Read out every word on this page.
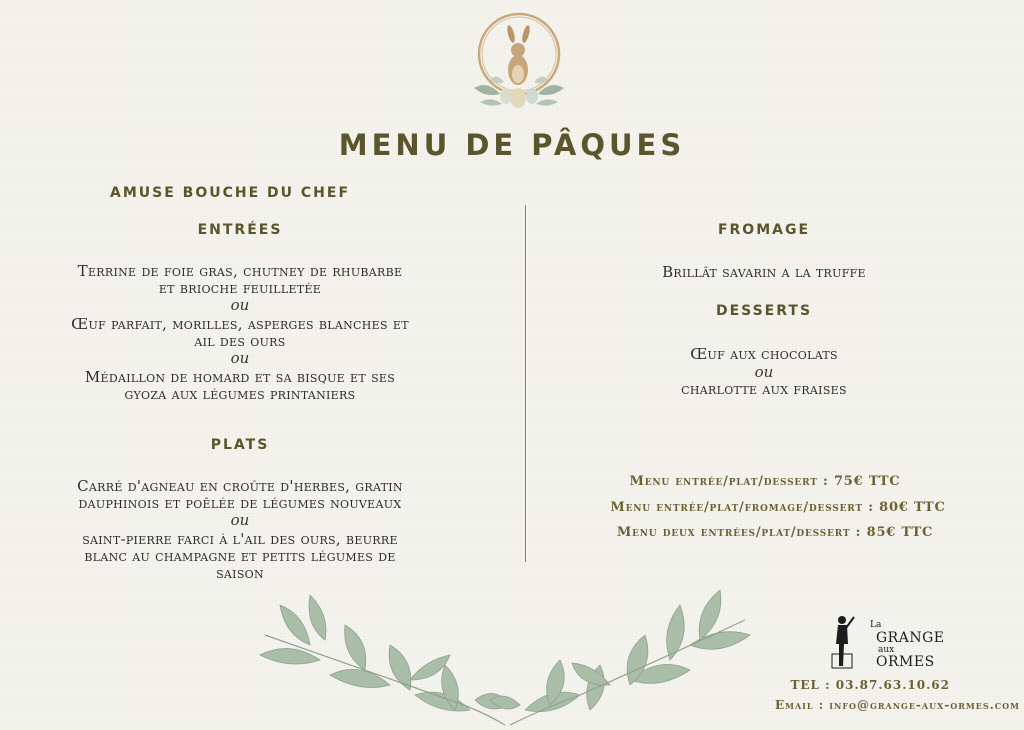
MENU DE PÂQUES
AMUSE BOUCHE DU CHEF
ENTRÉES
Terrine de foie gras, chutney de rhubarbe
et brioche feuilletée
ou
Œuf parfait, morilles, asperges blanches et
ail des ours
ou
Médaillon de homard et sa bisque et ses
gyoza aux légumes printaniers
PLATS
Carré d'agneau en croûte d'herbes, gratin
dauphinois et poêlée de légumes nouveaux
ou
saint-pierre farci à l'ail des ours, beurre
blanc au champagne et petits légumes de
saison
FROMAGE
Brillât savarin a la truffe
DESSERTS
Œuf aux chocolats
ou
charlotte aux fraises
Menu entrée/plat/dessert : 75€ TTC
Menu entrée/plat/fromage/dessert : 80€ TTC
Menu deux entrées/plat/dessert : 85€ TTC
La
GRANGE
aux
ORMES
TEL : 03.87.63.10.62
Email : info@grange-aux-ormes.com
